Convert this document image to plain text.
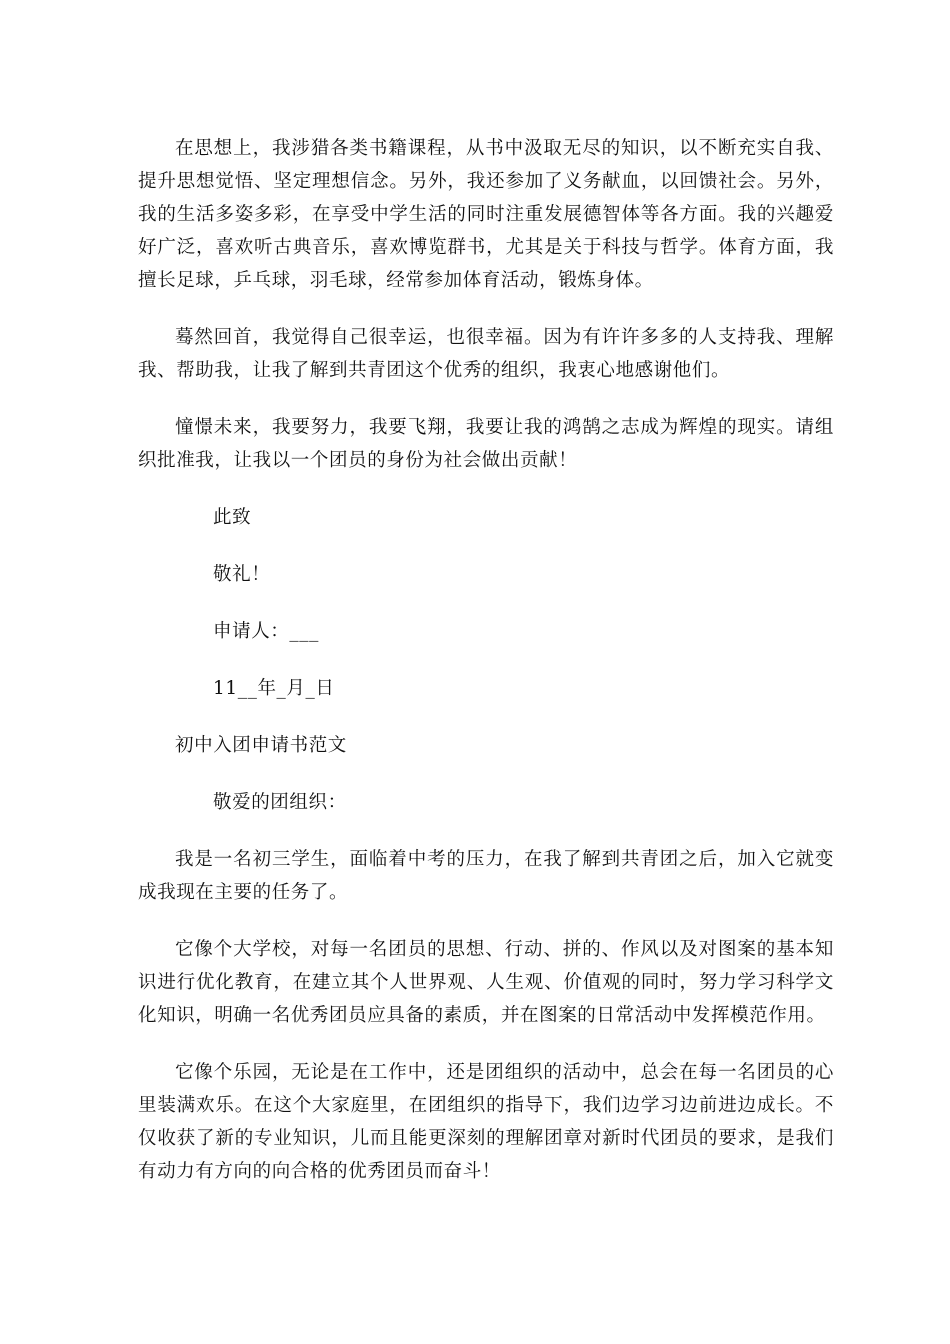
在思想上，我涉猎各类书籍课程，从书中汲取无尽的知识，以不断充实自我、提升思想觉悟、坚定理想信念。另外，我还参加了义务献血，以回馈社会。另外，我的生活多姿多彩，在享受中学生活的同时注重发展德智体等各方面。我的兴趣爱好广泛，喜欢听古典音乐，喜欢博览群书，尤其是关于科技与哲学。体育方面，我擅长足球，乒乓球，羽毛球，经常参加体育活动，锻炼身体。

蓦然回首，我觉得自己很幸运，也很幸福。因为有许许多多的人支持我、理解我、帮助我，让我了解到共青团这个优秀的组织，我衷心地感谢他们。

憧憬未来，我要努力，我要飞翔，我要让我的鸿鹄之志成为辉煌的现实。请组织批准我，让我以一个团员的身份为社会做出贡献！

此致

敬礼！

申请人：___

11__年_月_日

初中入团申请书范文

敬爱的团组织：

我是一名初三学生，面临着中考的压力，在我了解到共青团之后，加入它就变成我现在主要的任务了。

它像个大学校，对每一名团员的思想、行动、拼的、作风以及对图案的基本知识进行优化教育，在建立其个人世界观、人生观、价值观的同时，努力学习科学文化知识，明确一名优秀团员应具备的素质，并在图案的日常活动中发挥模范作用。

它像个乐园，无论是在工作中，还是团组织的活动中，总会在每一名团员的心里装满欢乐。在这个大家庭里，在团组织的指导下，我们边学习边前进边成长。不仅收获了新的专业知识，儿而且能更深刻的理解团章对新时代团员的要求，是我们有动力有方向的向合格的优秀团员而奋斗！
